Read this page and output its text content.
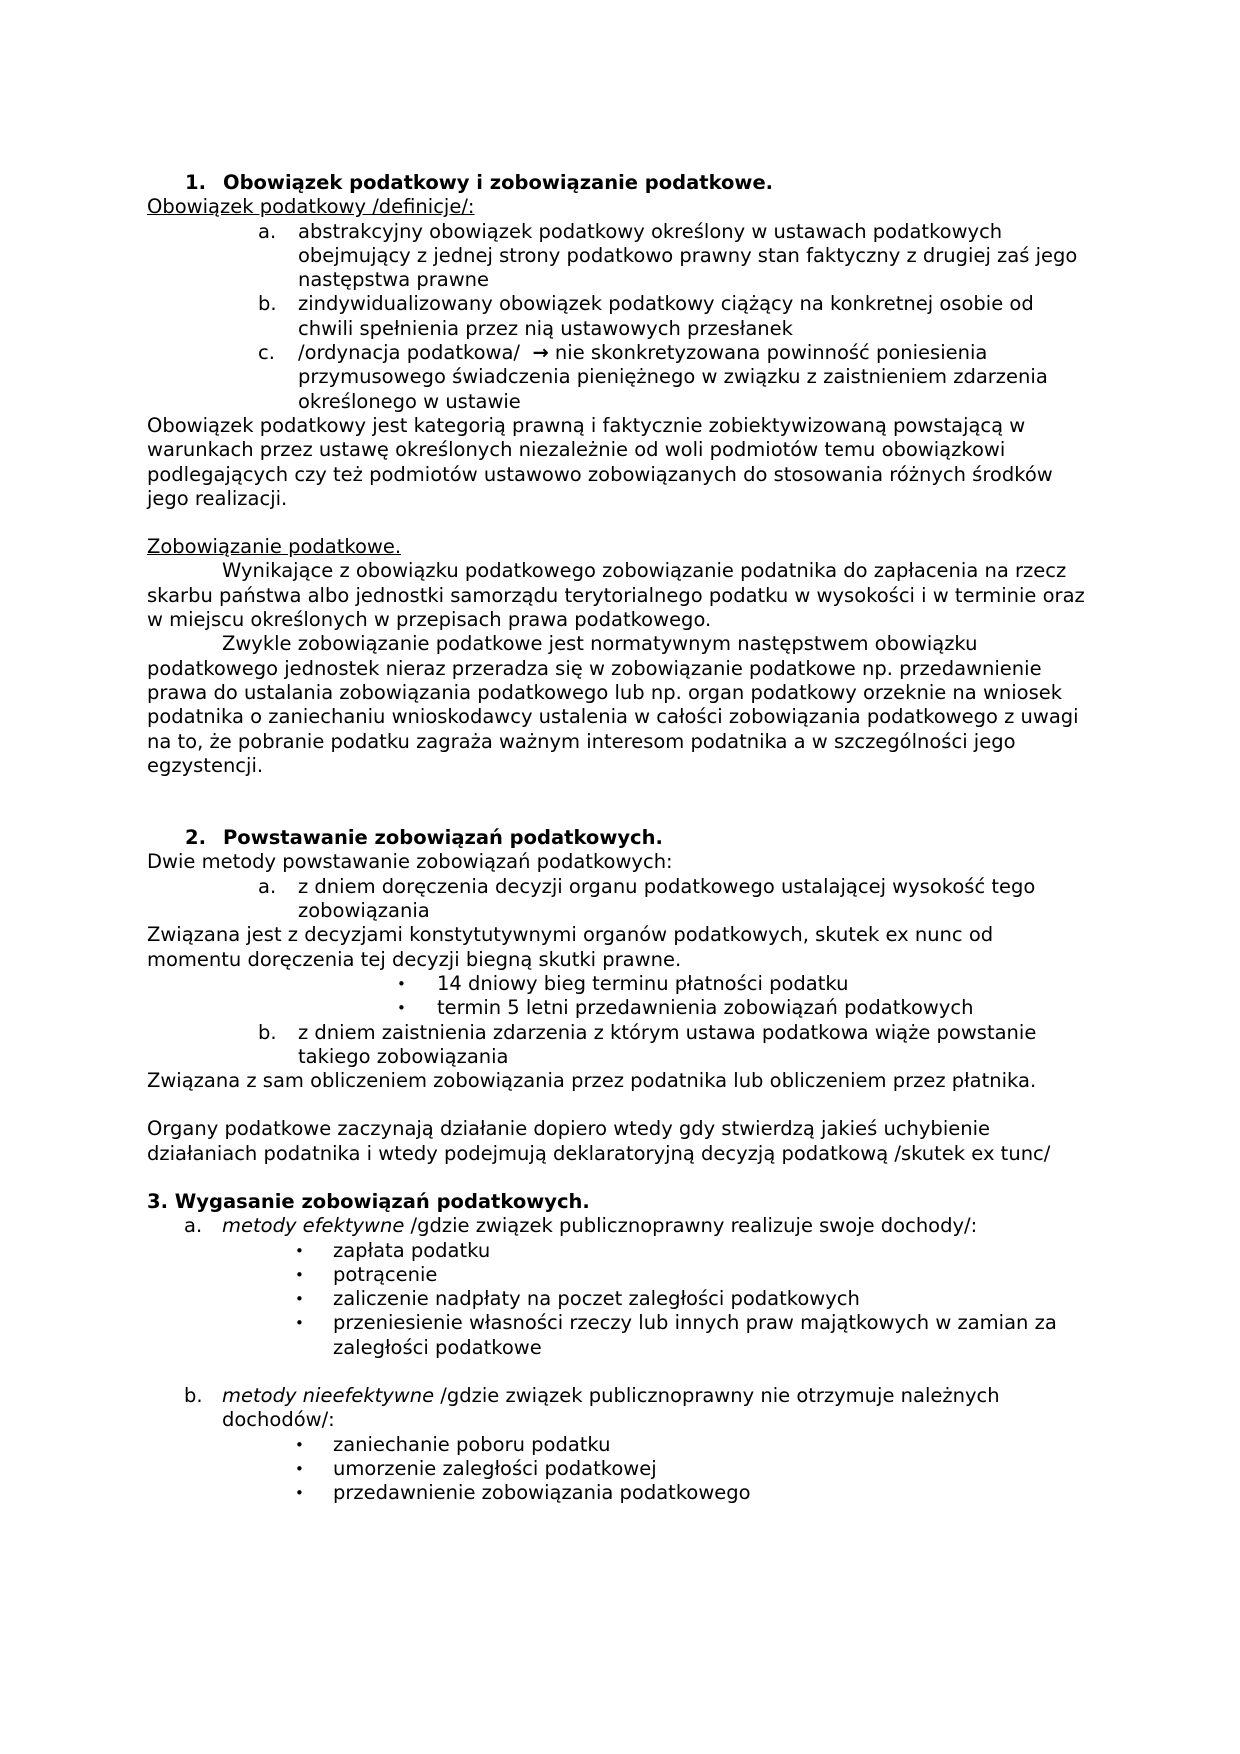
1. Obowiązek podatkowy i zobowiązanie podatkowe.

Obowiązek podatkowy /definicje/:

a.	abstrakcyjny obowiązek podatkowy określony w ustawach podatkowych obejmujący z jednej strony podatkowo prawny stan faktyczny z drugiej zaś jego następstwa prawne
b.	zindywidualizowany obowiązek podatkowy ciążący na konkretnej osobie od chwili spełnienia przez nią ustawowych przesłanek
c.	/ordynacja podatkowa/ → nie skonkretyzowana powinność poniesienia przymusowego świadczenia pieniężnego w związku z zaistnieniem zdarzenia określonego w ustawie

Obowiązek podatkowy jest kategorią prawną i faktycznie zobiektywizowaną powstającą w warunkach przez ustawę określonych niezależnie od woli podmiotów temu obowiązkowi podlegających czy też podmiotów ustawowo zobowiązanych do stosowania różnych środków jego realizacji.

Zobowiązanie podatkowe.

Wynikające z obowiązku podatkowego zobowiązanie podatnika do zapłacenia na rzecz skarbu państwa albo jednostki samorządu terytorialnego podatku w wysokości i w terminie oraz w miejscu określonych w przepisach prawa podatkowego.

Zwykle zobowiązanie podatkowe jest normatywnym następstwem obowiązku podatkowego jednostek nieraz przeradza się w zobowiązanie podatkowe np. przedawnienie prawa do ustalania zobowiązania podatkowego lub np. organ podatkowy orzeknie na wniosek podatnika o zaniechaniu wnioskodawcy ustalenia w całości zobowiązania podatkowego z uwagi na to, że pobranie podatku zagraża ważnym interesom podatnika a w szczególności jego egzystencji.

2. Powstawanie zobowiązań podatkowych.

Dwie metody powstawanie zobowiązań podatkowych:

a.	z dniem doręczenia decyzji organu podatkowego ustalającej wysokość tego zobowiązania

Związana jest z decyzjami konstytutywnymi organów podatkowych, skutek ex nunc od momentu doręczenia tej decyzji biegną skutki prawne.

•	14 dniowy bieg terminu płatności podatku
•	termin 5 letni przedawnienia zobowiązań podatkowych
b.	z dniem zaistnienia zdarzenia z którym ustawa podatkowa wiąże powstanie takiego zobowiązania

Związana z sam obliczeniem zobowiązania przez podatnika lub obliczeniem przez płatnika.

Organy podatkowe zaczynają działanie dopiero wtedy gdy stwierdzą jakieś uchybienie działaniach podatnika i wtedy podejmują deklaratoryjną decyzją podatkową /skutek ex tunc/

3. Wygasanie zobowiązań podatkowych.

a.	metody efektywne /gdzie związek publicznoprawny realizuje swoje dochody/:
•	zapłata podatku
•	potrącenie
•	zaliczenie nadpłaty na poczet zaległości podatkowych
•	przeniesienie własności rzeczy lub innych praw majątkowych w zamian za zaległości podatkowe
b. metody nieefektywne /gdzie związek publicznoprawny nie otrzymuje należnych dochodów/:
•	zaniechanie poboru podatku
•	umorzenie zaległości podatkowej
•	przedawnienie zobowiązania podatkowego
